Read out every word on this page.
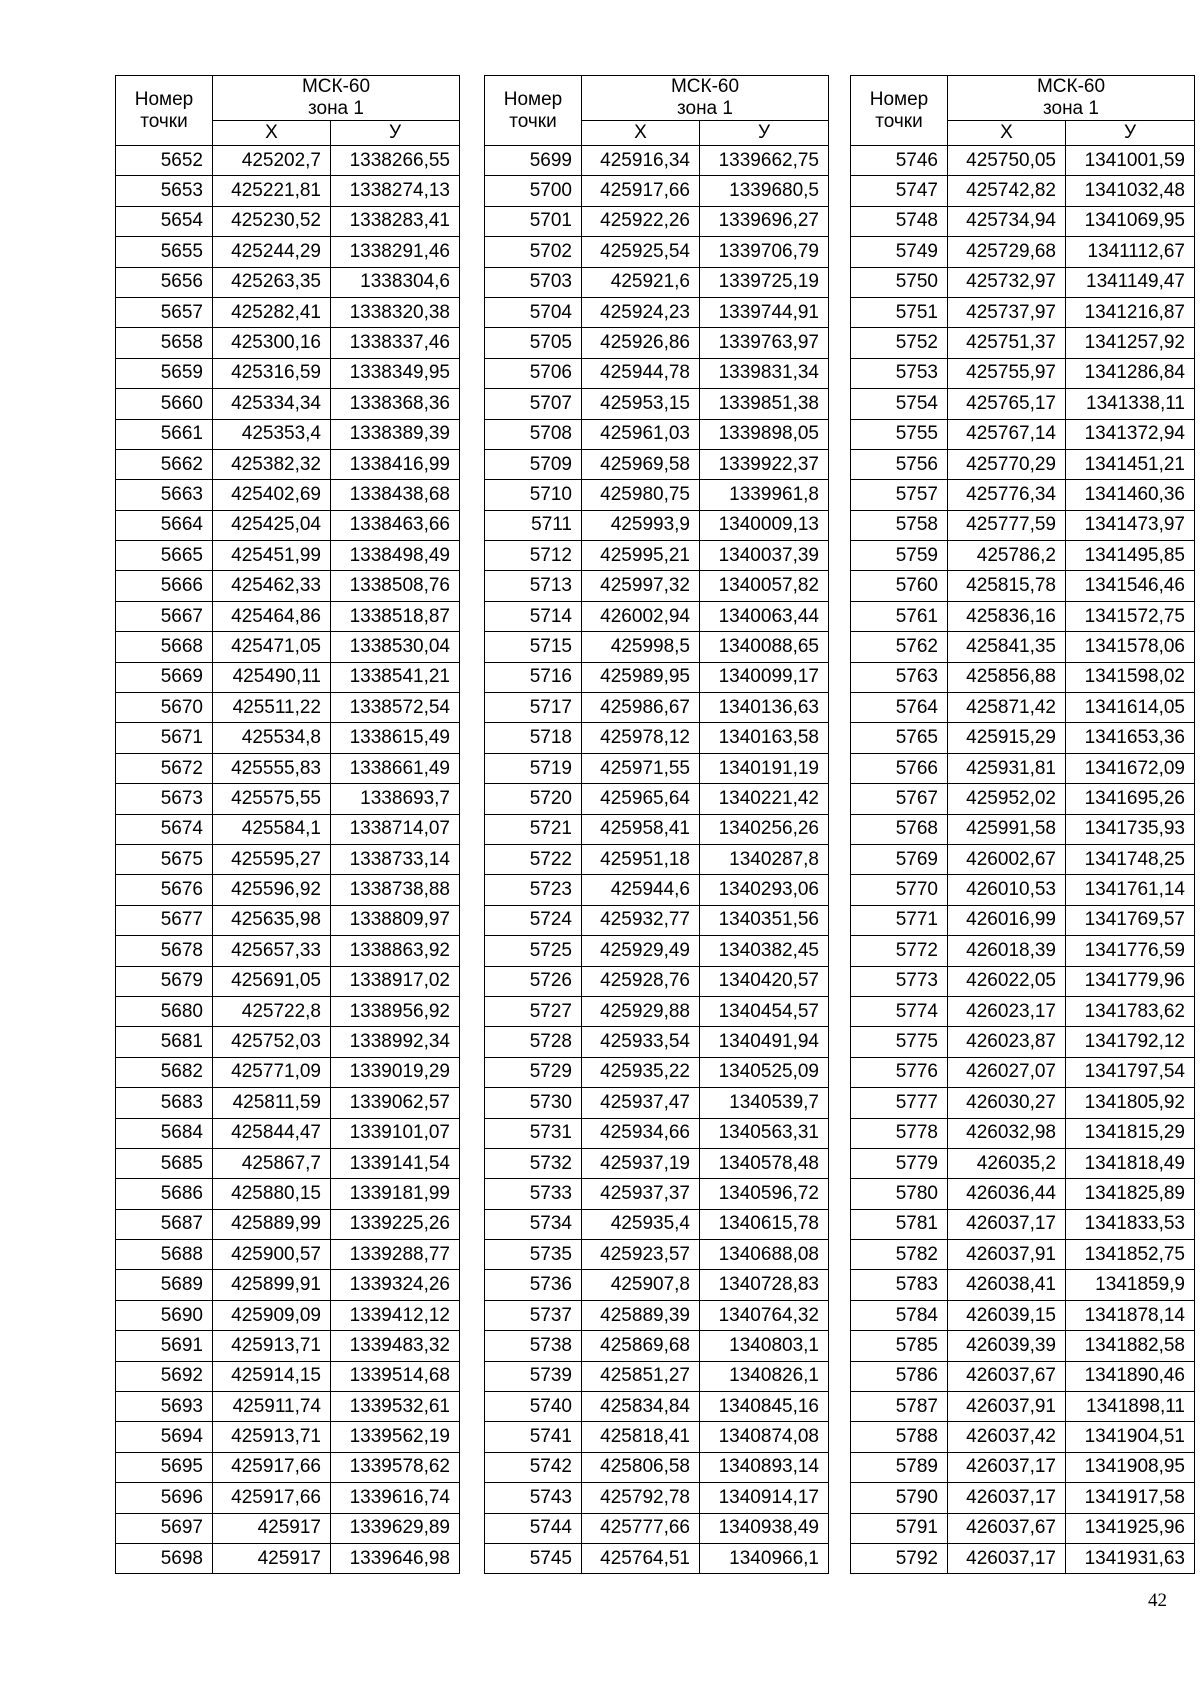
Номер
точки	МСК-60
зона 1	
	X	У
5652	425202,7	1338266,55
5653	425221,81	1338274,13
5654	425230,52	1338283,41
5655	425244,29	1338291,46
5656	425263,35	1338304,6
5657	425282,41	1338320,38
5658	425300,16	1338337,46
5659	425316,59	1338349,95
5660	425334,34	1338368,36
5661	425353,4	1338389,39
5662	425382,32	1338416,99
5663	425402,69	1338438,68
5664	425425,04	1338463,66
5665	425451,99	1338498,49
5666	425462,33	1338508,76
5667	425464,86	1338518,87
5668	425471,05	1338530,04
5669	425490,11	1338541,21
5670	425511,22	1338572,54
5671	425534,8	1338615,49
5672	425555,83	1338661,49
5673	425575,55	1338693,7
5674	425584,1	1338714,07
5675	425595,27	1338733,14
5676	425596,92	1338738,88
5677	425635,98	1338809,97
5678	425657,33	1338863,92
5679	425691,05	1338917,02
5680	425722,8	1338956,92
5681	425752,03	1338992,34
5682	425771,09	1339019,29
5683	425811,59	1339062,57
5684	425844,47	1339101,07
5685	425867,7	1339141,54
5686	425880,15	1339181,99
5687	425889,99	1339225,26
5688	425900,57	1339288,77
5689	425899,91	1339324,26
5690	425909,09	1339412,12
5691	425913,71	1339483,32
5692	425914,15	1339514,68
5693	425911,74	1339532,61
5694	425913,71	1339562,19
5695	425917,66	1339578,62
5696	425917,66	1339616,74
5697	425917	1339629,89
5698	425917	1339646,98
Номер
точки	МСК-60
зона 1	
	X	У
5699	425916,34	1339662,75
5700	425917,66	1339680,5
5701	425922,26	1339696,27
5702	425925,54	1339706,79
5703	425921,6	1339725,19
5704	425924,23	1339744,91
5705	425926,86	1339763,97
5706	425944,78	1339831,34
5707	425953,15	1339851,38
5708	425961,03	1339898,05
5709	425969,58	1339922,37
5710	425980,75	1339961,8
5711	425993,9	1340009,13
5712	425995,21	1340037,39
5713	425997,32	1340057,82
5714	426002,94	1340063,44
5715	425998,5	1340088,65
5716	425989,95	1340099,17
5717	425986,67	1340136,63
5718	425978,12	1340163,58
5719	425971,55	1340191,19
5720	425965,64	1340221,42
5721	425958,41	1340256,26
5722	425951,18	1340287,8
5723	425944,6	1340293,06
5724	425932,77	1340351,56
5725	425929,49	1340382,45
5726	425928,76	1340420,57
5727	425929,88	1340454,57
5728	425933,54	1340491,94
5729	425935,22	1340525,09
5730	425937,47	1340539,7
5731	425934,66	1340563,31
5732	425937,19	1340578,48
5733	425937,37	1340596,72
5734	425935,4	1340615,78
5735	425923,57	1340688,08
5736	425907,8	1340728,83
5737	425889,39	1340764,32
5738	425869,68	1340803,1
5739	425851,27	1340826,1
5740	425834,84	1340845,16
5741	425818,41	1340874,08
5742	425806,58	1340893,14
5743	425792,78	1340914,17
5744	425777,66	1340938,49
5745	425764,51	1340966,1
Номер
точки	МСК-60
зона 1	
	X	У
5746	425750,05	1341001,59
5747	425742,82	1341032,48
5748	425734,94	1341069,95
5749	425729,68	1341112,67
5750	425732,97	1341149,47
5751	425737,97	1341216,87
5752	425751,37	1341257,92
5753	425755,97	1341286,84
5754	425765,17	1341338,11
5755	425767,14	1341372,94
5756	425770,29	1341451,21
5757	425776,34	1341460,36
5758	425777,59	1341473,97
5759	425786,2	1341495,85
5760	425815,78	1341546,46
5761	425836,16	1341572,75
5762	425841,35	1341578,06
5763	425856,88	1341598,02
5764	425871,42	1341614,05
5765	425915,29	1341653,36
5766	425931,81	1341672,09
5767	425952,02	1341695,26
5768	425991,58	1341735,93
5769	426002,67	1341748,25
5770	426010,53	1341761,14
5771	426016,99	1341769,57
5772	426018,39	1341776,59
5773	426022,05	1341779,96
5774	426023,17	1341783,62
5775	426023,87	1341792,12
5776	426027,07	1341797,54
5777	426030,27	1341805,92
5778	426032,98	1341815,29
5779	426035,2	1341818,49
5780	426036,44	1341825,89
5781	426037,17	1341833,53
5782	426037,91	1341852,75
5783	426038,41	1341859,9
5784	426039,15	1341878,14
5785	426039,39	1341882,58
5786	426037,67	1341890,46
5787	426037,91	1341898,11
5788	426037,42	1341904,51
5789	426037,17	1341908,95
5790	426037,17	1341917,58
5791	426037,67	1341925,96
5792	426037,17	1341931,63
42
